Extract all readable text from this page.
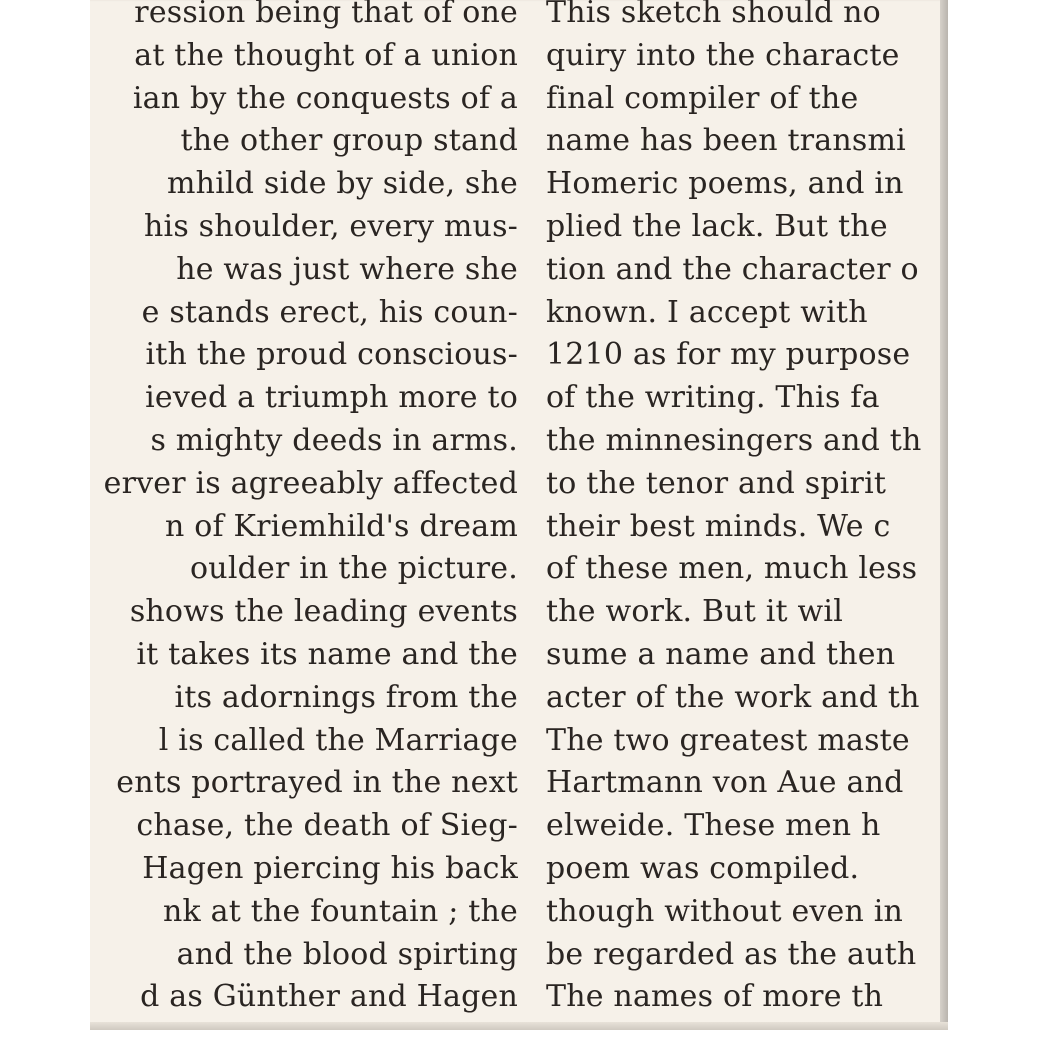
ression being that of one
at the thought of a union
ian by the conquests of a
the other group stand
mhild side by side, she
his shoulder, every mus-
he was just where she
e stands erect, his coun-
ith the proud conscious-
ieved a triumph more to
s mighty deeds in arms.
erver is agreeably affected
n of Kriemhild's dream
oulder in the picture.
shows the leading events
it takes its name and the
its adornings from the
l is called the Marriage
ents portrayed in the next
chase, the death of Sieg-
Hagen piercing his back
nk at the fountain ; the
and the blood spirting
d as Günther and Hagen
This sketch should no
quiry into the characte
final compiler of the
name has been transmi
Homeric poems, and in
plied the lack. But the
tion and the character o
known. I accept with
1210 as for my purpose
of the writing. This fa
the minnesingers and th
to the tenor and spirit
their best minds. We c
of these men, much less
the work. But it wil
sume a name and then
acter of the work and th
The two greatest maste
Hartmann von Aue and
elweide. These men h
poem was compiled.
though without even in
be regarded as the auth
The names of more th
